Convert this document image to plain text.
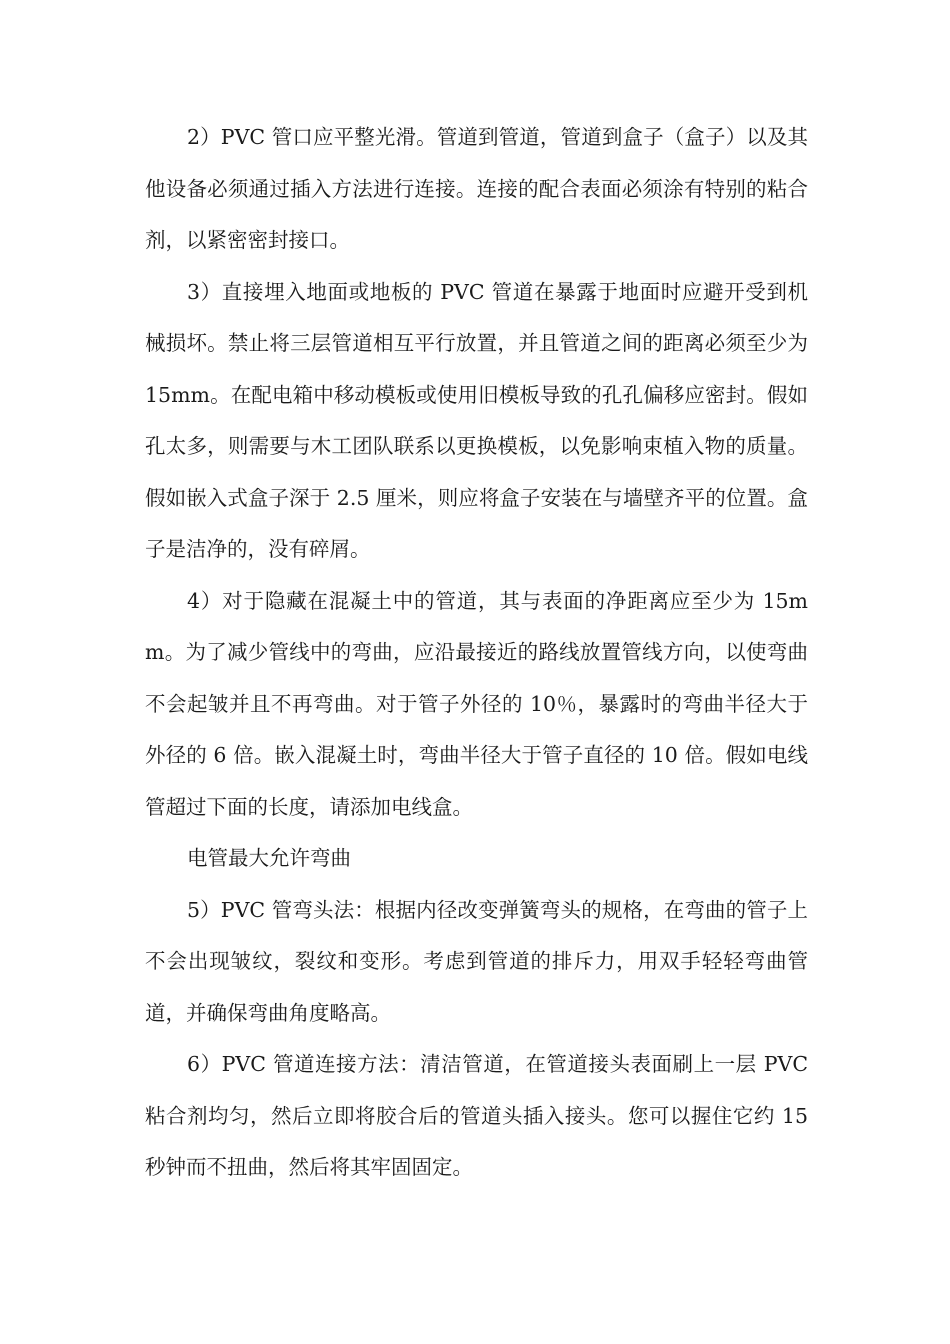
2）PVC 管口应平整光滑。管道到管道，管道到盒子（盒子）以及其他设备必须通过插入方法进行连接。连接的配合表面必须涂有特别的粘合剂，以紧密密封接口。

3）直接埋入地面或地板的 PVC 管道在暴露于地面时应避开受到机械损坏。禁止将三层管道相互平行放置，并且管道之间的距离必须至少为 15mm。在配电箱中移动模板或使用旧模板导致的孔孔偏移应密封。假如孔太多，则需要与木工团队联系以更换模板，以免影响束植入物的质量。假如嵌入式盒子深于 2.5 厘米，则应将盒子安装在与墙壁齐平的位置。盒子是洁净的，没有碎屑。

4）对于隐藏在混凝土中的管道，其与表面的净距离应至少为 15mm。为了减少管线中的弯曲，应沿最接近的路线放置管线方向，以使弯曲不会起皱并且不再弯曲。对于管子外径的 10％，暴露时的弯曲半径大于外径的 6 倍。嵌入混凝土时，弯曲半径大于管子直径的 10 倍。假如电线管超过下面的长度，请添加电线盒。

电管最大允许弯曲

5）PVC 管弯头法：根据内径改变弹簧弯头的规格，在弯曲的管子上不会出现皱纹，裂纹和变形。考虑到管道的排斥力，用双手轻轻弯曲管道，并确保弯曲角度略高。

6）PVC 管道连接方法：清洁管道，在管道接头表面刷上一层 PVC 粘合剂均匀，然后立即将胶合后的管道头插入接头。您可以握住它约 15 秒钟而不扭曲，然后将其牢固固定。
